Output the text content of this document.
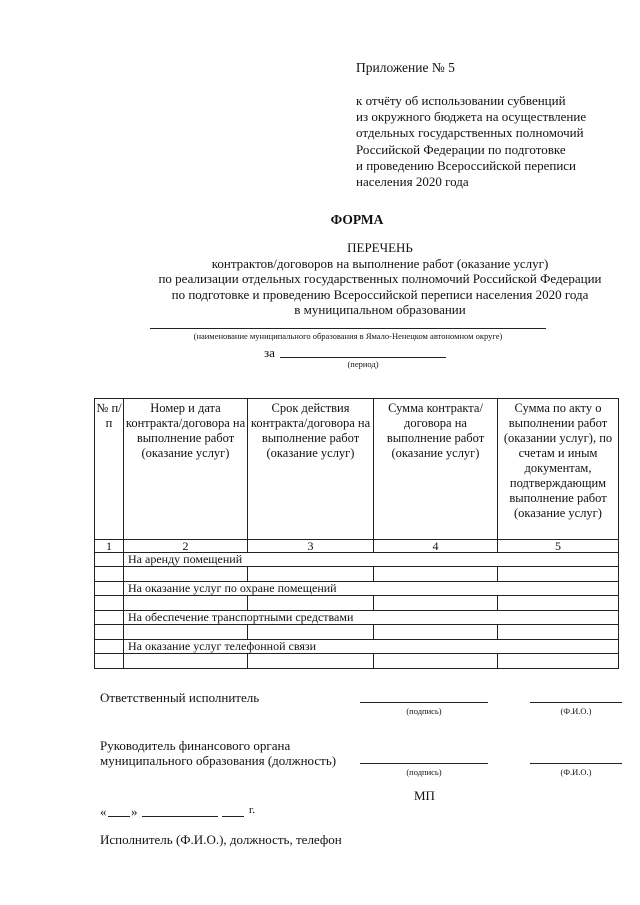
Приложение № 5
к отчёту об использовании субвенций
из окружного бюджета на осуществление
отдельных государственных полномочий
Российской Федерации по подготовке
и проведению Всероссийской переписи
населения 2020 года
ФОРМА
ПЕРЕЧЕНЬ
контрактов/договоров на выполнение работ (оказание услуг)
по реализации отдельных государственных полномочий Российской Федерации
по подготовке и проведению Всероссийской переписи населения 2020 года
в муниципальном образовании
(наименование муниципального образования в Ямало-Ненецком автономном округе)
за
(период)
№ п/п	Номер и дата контракта/договора на выполнение работ (оказание услуг)	Срок действия контракта/договора на выполнение работ (оказание услуг)	Сумма контракта/договора на выполнение работ (оказание услуг)	Сумма по акту о выполнении работ (оказании услуг), по счетам и иным документам, подтверждающим выполнение работ (оказание услуг)
1	2	3	4	5
	На аренду помещений			

	На оказание услуг по охране помещений			

	На обеспечение транспортными средствами			

	На оказание услуг телефонной связи			

Ответственный исполнитель
(подпись)	(Ф.И.О.)
Руководитель финансового органа
муниципального образования (должность)
(подпись)	(Ф.И.О.)
МП
« »	г.
Исполнитель (Ф.И.О.), должность, телефон
